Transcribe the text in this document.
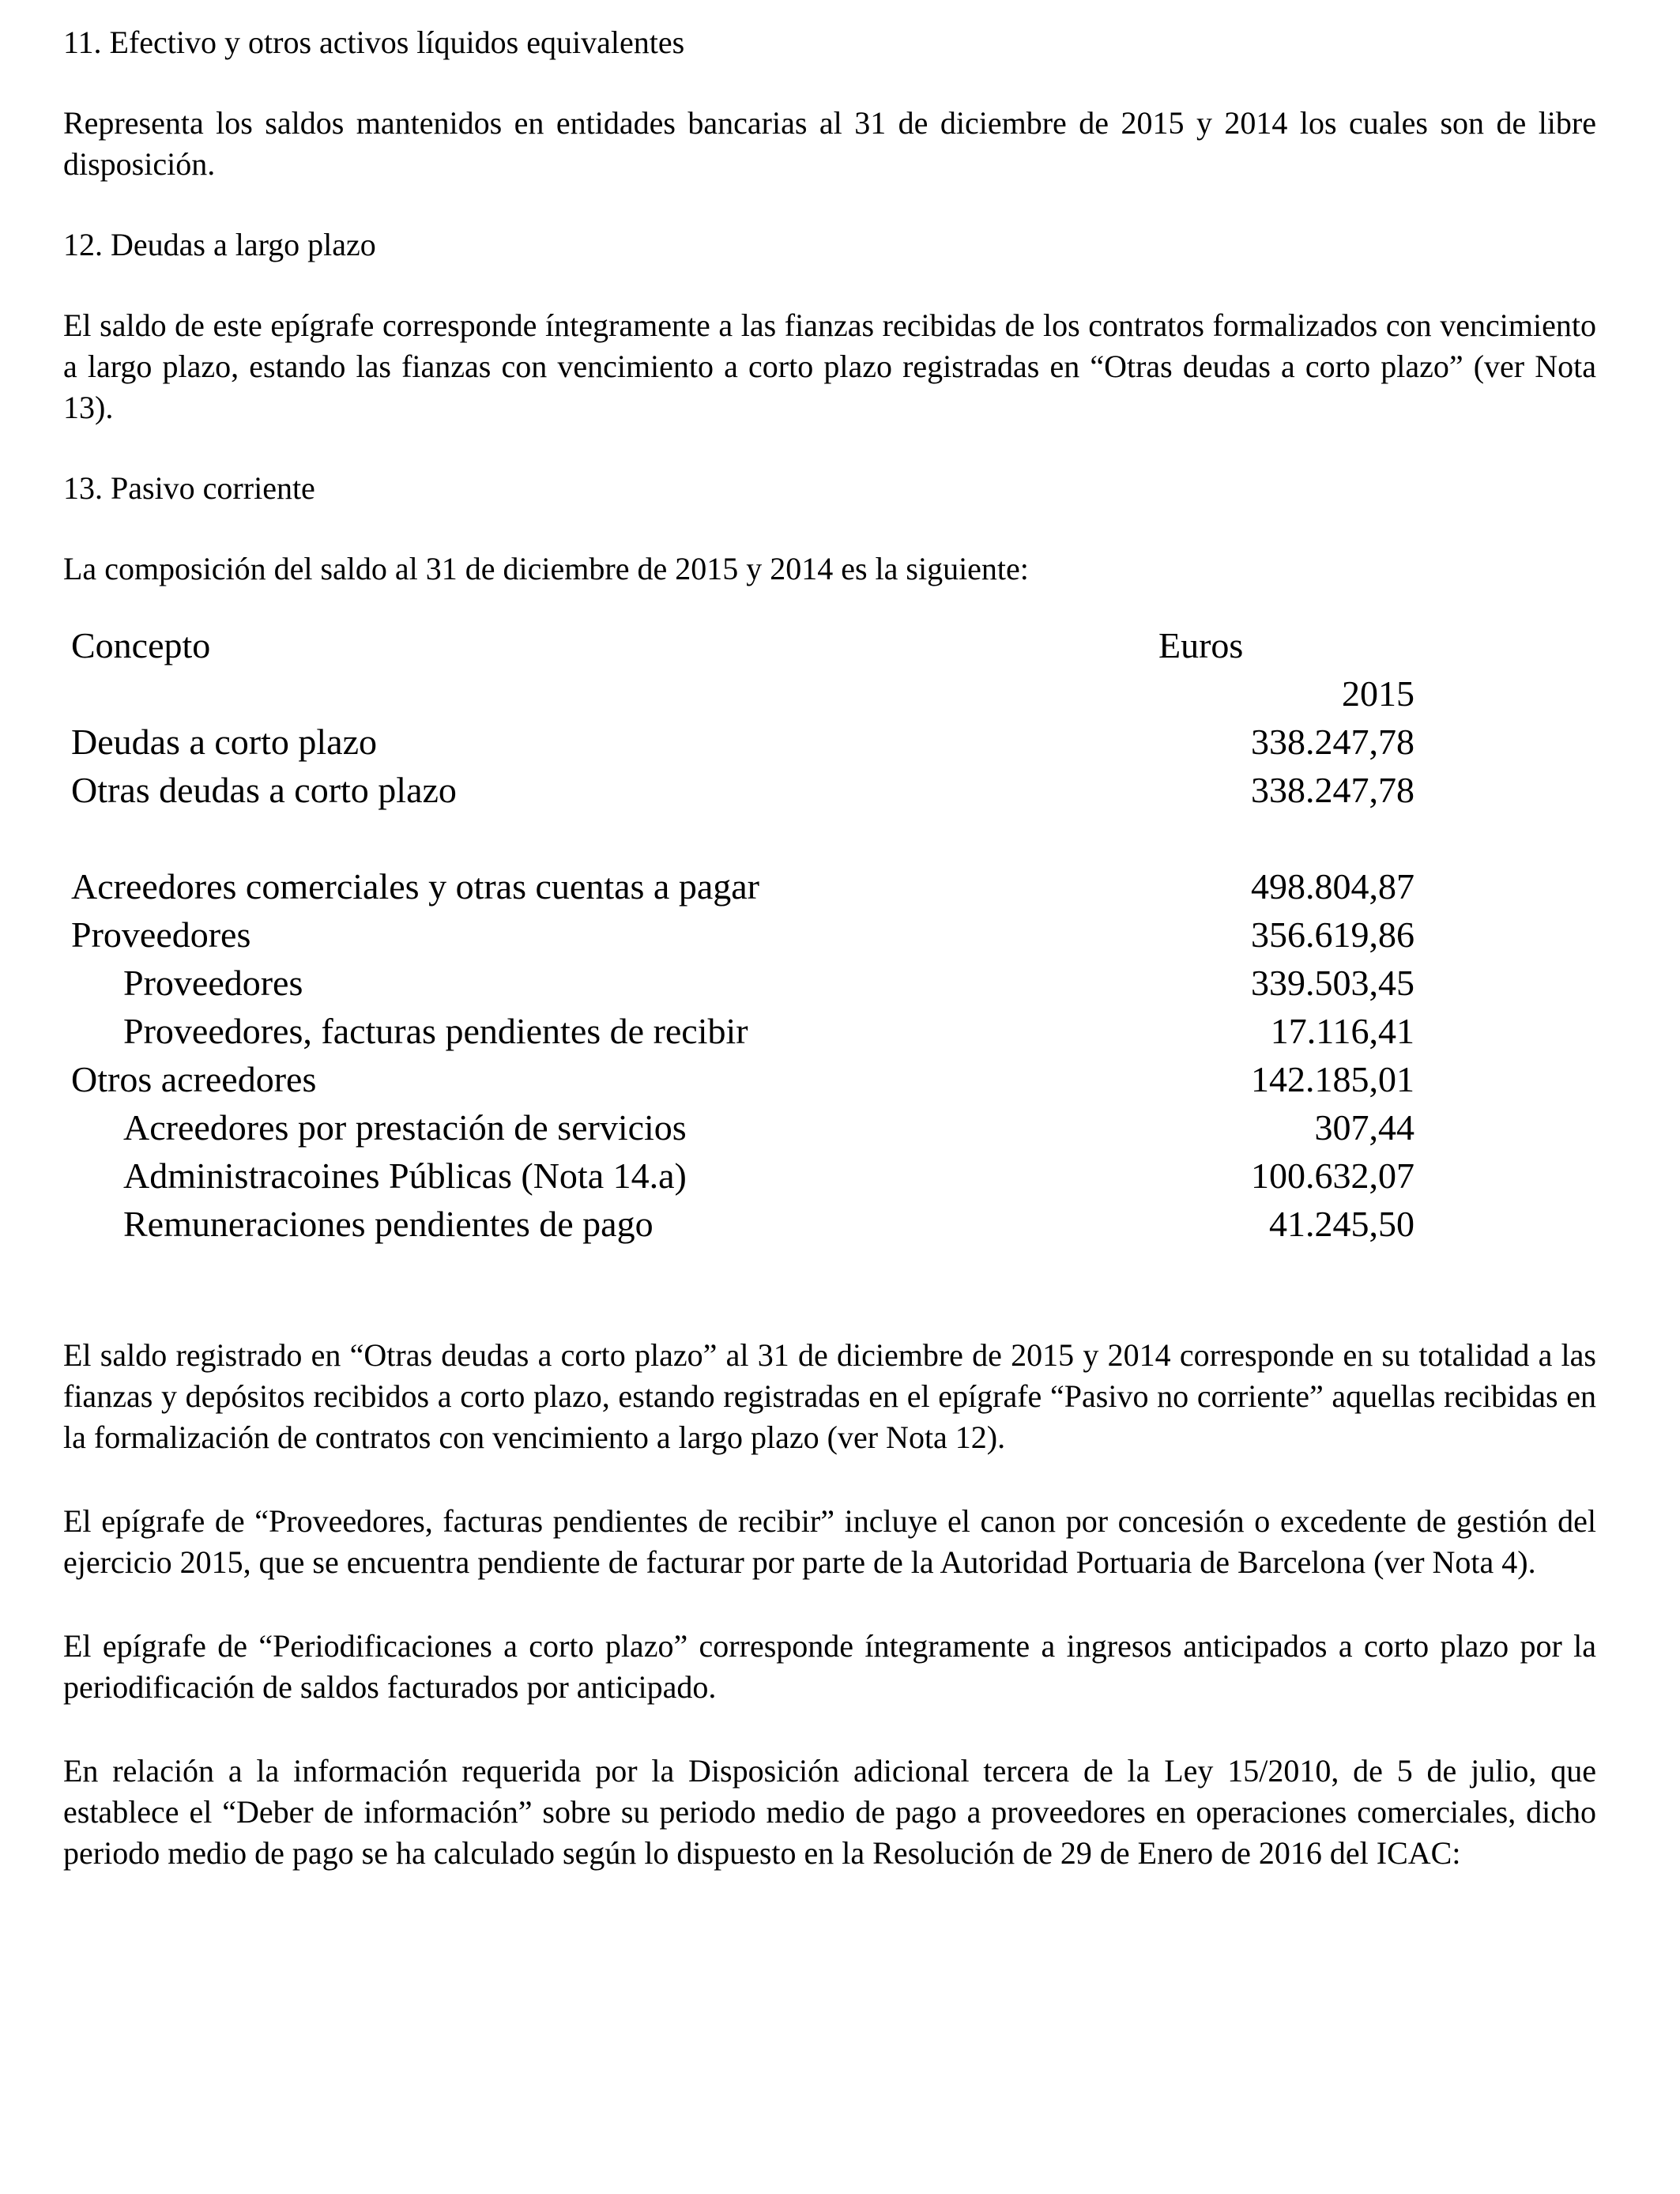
11. Efectivo y otros activos líquidos equivalentes

Representa los saldos mantenidos en entidades bancarias al 31 de diciembre de 2015 y 2014 los cuales son de libre disposición.

12. Deudas a largo plazo

El saldo de este epígrafe corresponde íntegramente a las fianzas recibidas de los contratos formalizados con vencimiento a largo plazo, estando las fianzas con vencimiento a corto plazo registradas en “Otras deudas a corto plazo” (ver Nota 13).

13. Pasivo corriente

La composición del saldo al 31 de diciembre de 2015 y 2014 es la siguiente:

Concepto	Euros
	2015
Deudas a corto plazo	338.247,78
Otras deudas a corto plazo	338.247,78

Acreedores comerciales y otras cuentas a pagar	498.804,87
Proveedores	356.619,86
Proveedores	339.503,45
Proveedores, facturas pendientes de recibir	17.116,41
Otros acreedores	142.185,01
Acreedores por prestación de servicios	307,44
Administracoines Públicas (Nota 14.a)	100.632,07
Remuneraciones pendientes de pago	41.245,50

El saldo registrado en “Otras deudas a corto plazo” al 31 de diciembre de 2015 y 2014 corresponde en su totalidad a las fianzas y depósitos recibidos a corto plazo, estando registradas en el epígrafe “Pasivo no corriente” aquellas recibidas en la formalización de contratos con vencimiento a largo plazo (ver Nota 12).

El epígrafe de “Proveedores, facturas pendientes de recibir” incluye el canon por concesión o excedente de gestión del ejercicio 2015, que se encuentra pendiente de facturar por parte de la Autoridad Portuaria de Barcelona (ver Nota 4).

El epígrafe de “Periodificaciones a corto plazo” corresponde íntegramente a ingresos anticipados a corto plazo por la periodificación de saldos facturados por anticipado.

En relación a la información requerida por la Disposición adicional tercera de la Ley 15/2010, de 5 de julio, que establece el “Deber de información” sobre su periodo medio de pago a proveedores en operaciones comerciales, dicho periodo medio de pago se ha calculado según lo dispuesto en la Resolución de 29 de Enero de 2016 del ICAC:
